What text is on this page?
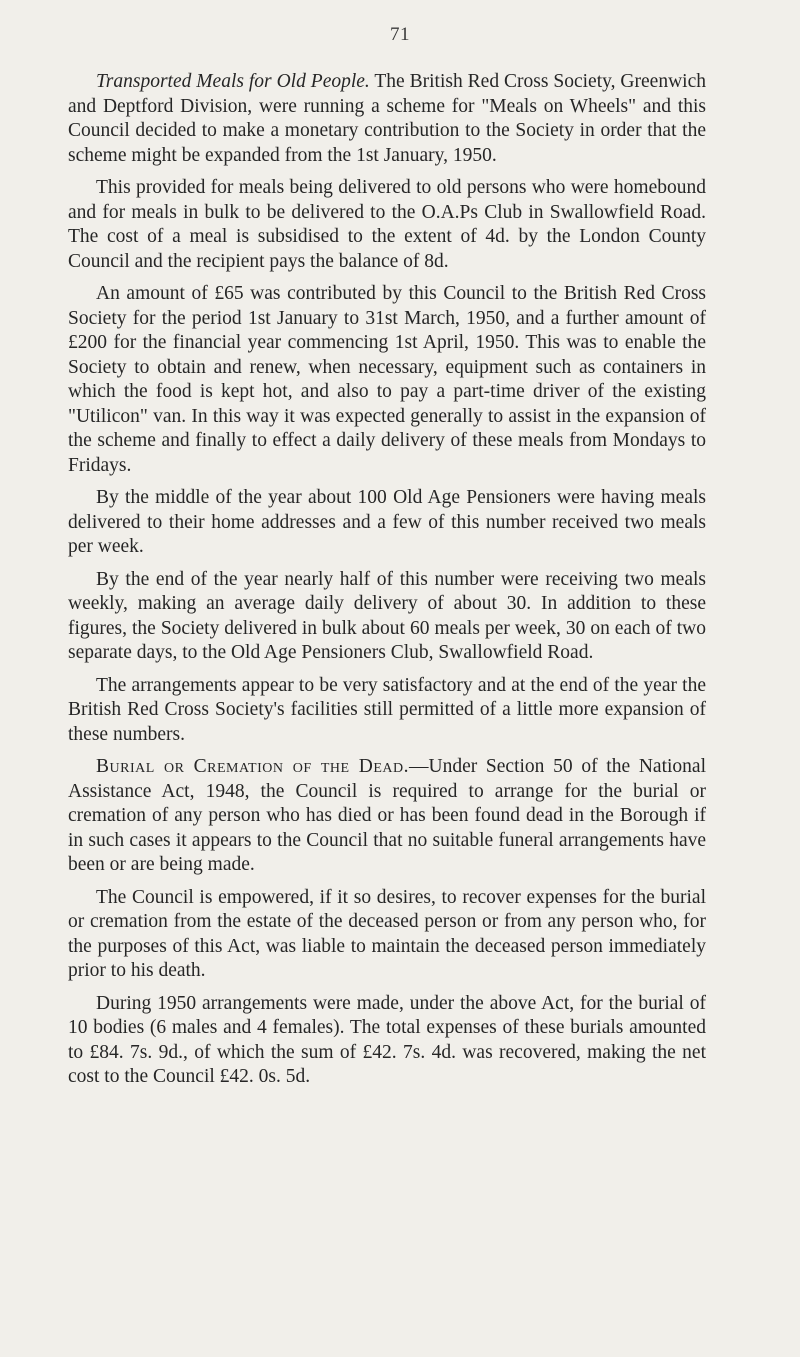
71

Transported Meals for Old People. The British Red Cross Society, Greenwich and Deptford Division, were running a scheme for "Meals on Wheels" and this Council decided to make a monetary contribution to the Society in order that the scheme might be expanded from the 1st January, 1950.

This provided for meals being delivered to old persons who were homebound and for meals in bulk to be delivered to the O.A.Ps Club in Swallowfield Road. The cost of a meal is subsidised to the extent of 4d. by the London County Council and the recipient pays the balance of 8d.

An amount of £65 was contributed by this Council to the British Red Cross Society for the period 1st January to 31st March, 1950, and a further amount of £200 for the financial year commencing 1st April, 1950. This was to enable the Society to obtain and renew, when necessary, equipment such as containers in which the food is kept hot, and also to pay a part-time driver of the existing "Utilicon" van. In this way it was expected generally to assist in the expansion of the scheme and finally to effect a daily delivery of these meals from Mondays to Fridays.

By the middle of the year about 100 Old Age Pensioners were having meals delivered to their home addresses and a few of this number received two meals per week.

By the end of the year nearly half of this number were receiving two meals weekly, making an average daily delivery of about 30. In addition to these figures, the Society delivered in bulk about 60 meals per week, 30 on each of two separate days, to the Old Age Pensioners Club, Swallowfield Road.

The arrangements appear to be very satisfactory and at the end of the year the British Red Cross Society's facilities still permitted of a little more expansion of these numbers.

Burial or Cremation of the Dead.—Under Section 50 of the National Assistance Act, 1948, the Council is required to arrange for the burial or cremation of any person who has died or has been found dead in the Borough if in such cases it appears to the Council that no suitable funeral arrangements have been or are being made.

The Council is empowered, if it so desires, to recover expenses for the burial or cremation from the estate of the deceased person or from any person who, for the purposes of this Act, was liable to maintain the deceased person immediately prior to his death.

During 1950 arrangements were made, under the above Act, for the burial of 10 bodies (6 males and 4 females). The total expenses of these burials amounted to £84. 7s. 9d., of which the sum of £42. 7s. 4d. was recovered, making the net cost to the Council £42. 0s. 5d.
